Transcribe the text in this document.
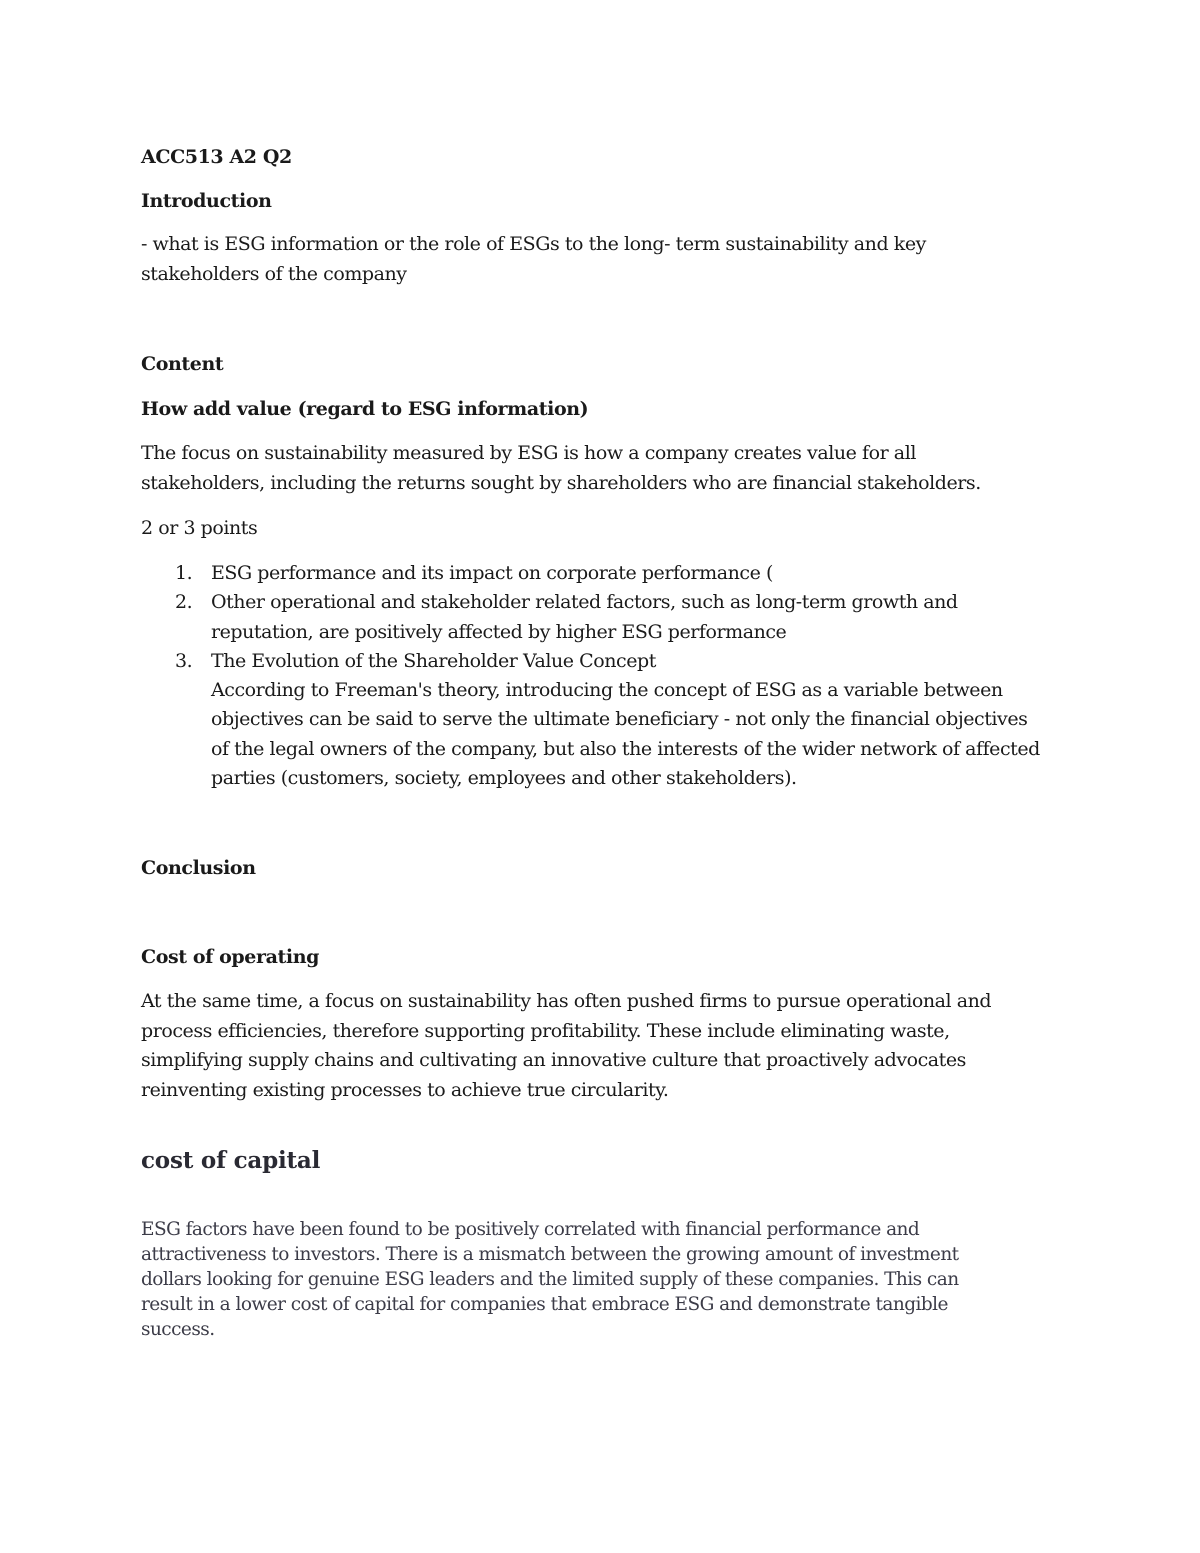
ACC513 A2 Q2
Introduction
- what is ESG information or the role of ESGs to the long- term sustainability and key
stakeholders of the company
Content
How add value (regard to ESG information)
The focus on sustainability measured by ESG is how a company creates value for all
stakeholders, including the returns sought by shareholders who are financial stakeholders.
2 or 3 points
1. ESG performance and its impact on corporate performance (
2. Other operational and stakeholder related factors, such as long-term growth and
reputation, are positively affected by higher ESG performance
3. The Evolution of the Shareholder Value Concept
According to Freeman's theory, introducing the concept of ESG as a variable between
objectives can be said to serve the ultimate beneficiary - not only the financial objectives
of the legal owners of the company, but also the interests of the wider network of affected
parties (customers, society, employees and other stakeholders).
Conclusion
Cost of operating
At the same time, a focus on sustainability has often pushed firms to pursue operational and
process efficiencies, therefore supporting profitability. These include eliminating waste,
simplifying supply chains and cultivating an innovative culture that proactively advocates
reinventing existing processes to achieve true circularity.
cost of capital
ESG factors have been found to be positively correlated with financial performance and
attractiveness to investors. There is a mismatch between the growing amount of investment
dollars looking for genuine ESG leaders and the limited supply of these companies. This can
result in a lower cost of capital for companies that embrace ESG and demonstrate tangible
success.
